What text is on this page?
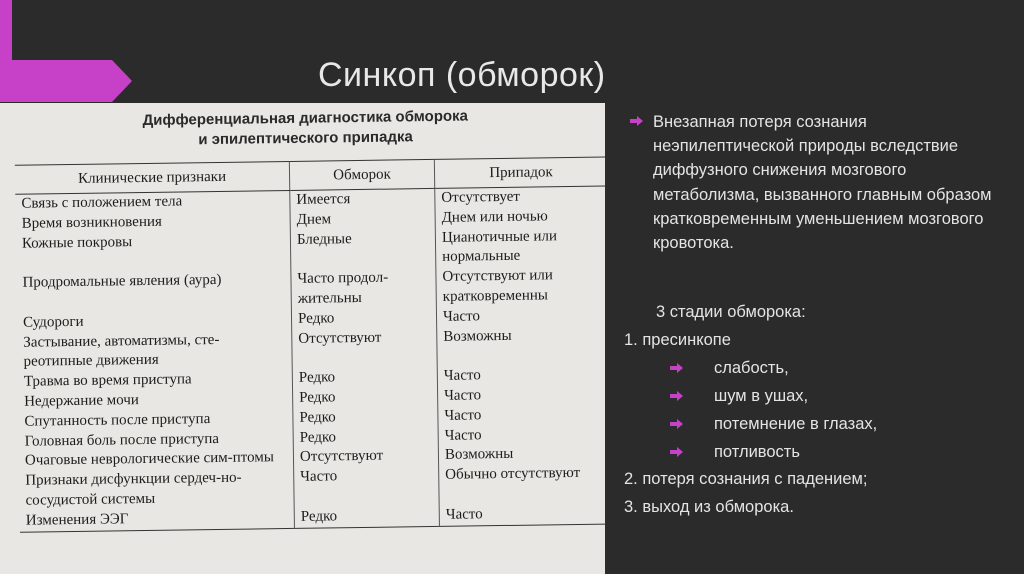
Синкоп (обморок)
Дифференциальная диагностика обморока
и эпилептического припадка
Клинические признаки	Обморок	Припадок
Связь с положением тела	Имеется	Отсутствует
Время возникновения	Днем	Днем или ночью
Кожные покровы	Бледные	Цианотичные или нормальные
Продромальные явления (аура)	Часто продол-жительны	Отсутствуют или кратковременны
Судороги	Редко	Часто
Застывание, автоматизмы, сте-реотипные движения	Отсутствуют	Возможны
Травма во время приступа	Редко	Часто
Недержание мочи	Редко	Часто
Спутанность после приступа	Редко	Часто
Головная боль после приступа	Редко	Часто
Очаговые неврологические сим-птомы	Отсутствуют	Возможны
Признаки дисфункции сердеч-но-сосудистой системы	Часто	Обычно отсутствуют
Изменения ЭЭГ	Редко	Часто
Внезапная потеря сознания неэпилептической природы вследствие диффузного снижения мозгового метаболизма, вызванного главным образом кратковременным уменьшением мозгового кровотока.
3 стадии обморока:
1. пресинкопе
слабость,
шум в ушах,
потемнение в глазах,
потливость
2. потеря сознания с падением;
3. выход из обморока.
